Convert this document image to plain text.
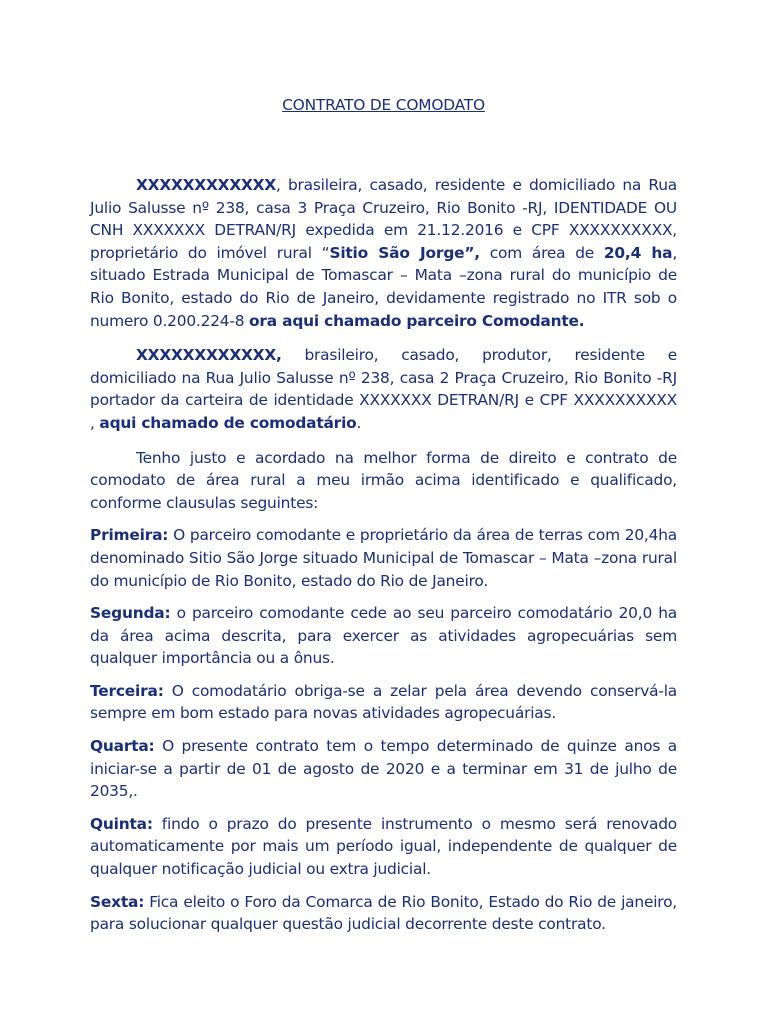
CONTRATO DE COMODATO
XXXXXXXXXXXX, brasileira, casado, residente e domiciliado na Rua Julio Salusse nº 238, casa 3 Praça Cruzeiro, Rio Bonito -RJ, IDENTIDADE OU CNH XXXXXXX DETRAN/RJ expedida em 21.12.2016 e CPF XXXXXXXXXX, proprietário do imóvel rural “Sitio São Jorge”, com área de 20,4 ha, situado Estrada Municipal de Tomascar – Mata –zona rural do município de Rio Bonito, estado do Rio de Janeiro, devidamente registrado no ITR sob o numero 0.200.224-8 ora aqui chamado parceiro Comodante.
XXXXXXXXXXXX, brasileiro, casado, produtor, residente e domiciliado na Rua Julio Salusse nº 238, casa 2 Praça Cruzeiro, Rio Bonito -RJ portador da carteira de identidade XXXXXXX DETRAN/RJ e CPF XXXXXXXXXX , aqui chamado de comodatário.
Tenho justo e acordado na melhor forma de direito e contrato de comodato de área rural a meu irmão acima identificado e qualificado, conforme clausulas seguintes:
Primeira: O parceiro comodante e proprietário da área de terras com 20,4ha denominado Sitio São Jorge situado Municipal de Tomascar – Mata –zona rural do município de Rio Bonito, estado do Rio de Janeiro.
Segunda: o parceiro comodante cede ao seu parceiro comodatário 20,0 ha da área acima descrita, para exercer as atividades agropecuárias sem qualquer importância ou a ônus.
Terceira: O comodatário obriga-se a zelar pela área devendo conservá-la sempre em bom estado para novas atividades agropecuárias.
Quarta: O presente contrato tem o tempo determinado de quinze anos a iniciar-se a partir de 01 de agosto de 2020 e a terminar em 31 de julho de 2035,.
Quinta: findo o prazo do presente instrumento o mesmo será renovado automaticamente por mais um período igual, independente de qualquer de qualquer notificação judicial ou extra judicial.
Sexta: Fica eleito o Foro da Comarca de Rio Bonito, Estado do Rio de janeiro, para solucionar qualquer questão judicial decorrente deste contrato.
